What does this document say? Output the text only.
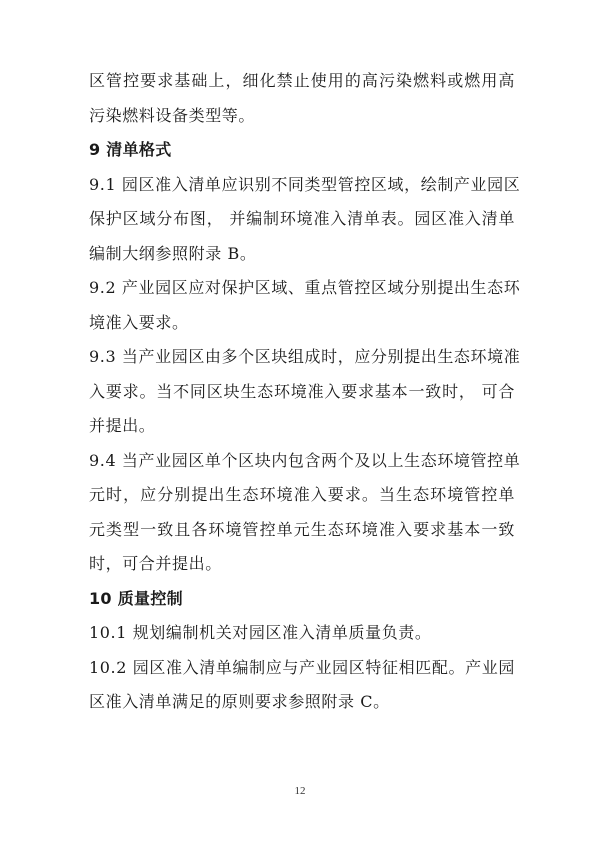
区管控要求基础上，细化禁止使用的高污染燃料或燃用高
污染燃料设备类型等。
9 清单格式
9.1 园区准入清单应识别不同类型管控区域，绘制产业园区
保护区域分布图， 并编制环境准入清单表。园区准入清单
编制大纲参照附录 B。
9.2 产业园区应对保护区域、重点管控区域分别提出生态环
境准入要求。
9.3 当产业园区由多个区块组成时，应分别提出生态环境准
入要求。当不同区块生态环境准入要求基本一致时， 可合
并提出。
9.4 当产业园区单个区块内包含两个及以上生态环境管控单
元时，应分别提出生态环境准入要求。当生态环境管控单
元类型一致且各环境管控单元生态环境准入要求基本一致
时，可合并提出。
10 质量控制
10.1 规划编制机关对园区准入清单质量负责。
10.2 园区准入清单编制应与产业园区特征相匹配。产业园
区准入清单满足的原则要求参照附录 C。
12
